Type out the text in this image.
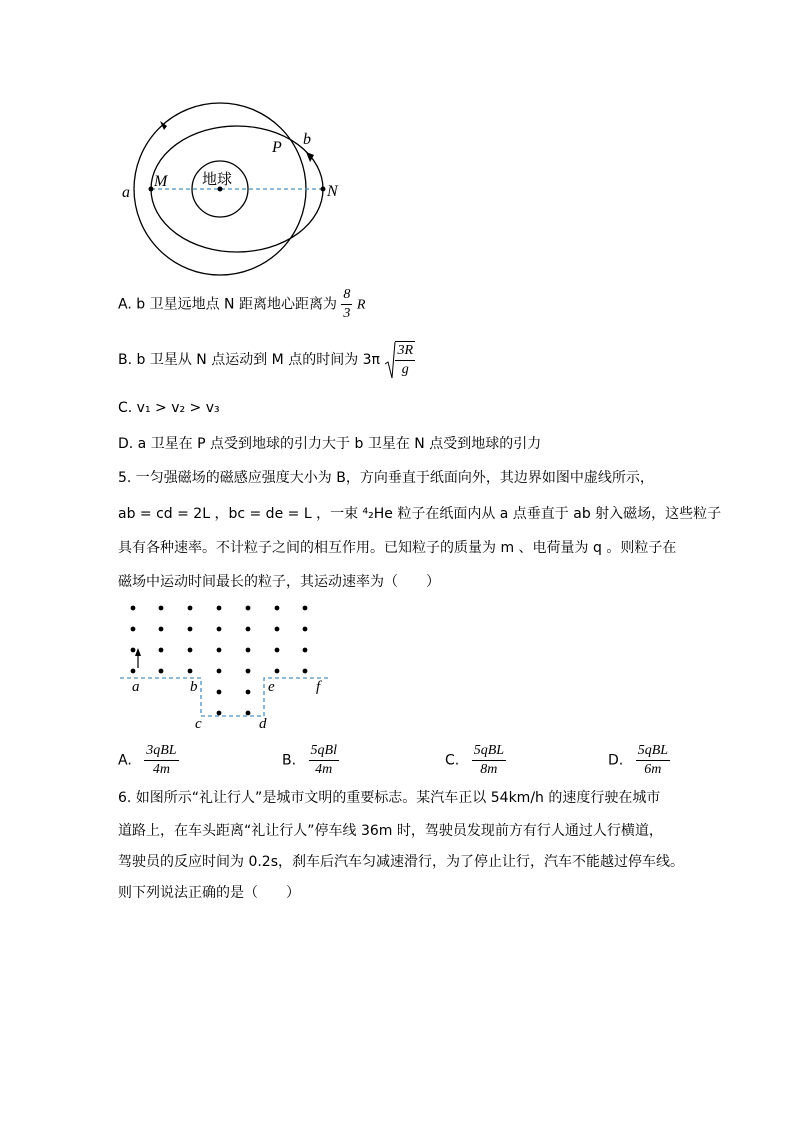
a
M
N
P b
地球
A. b 卫星远地点 N 距离地心距离为 $\frac{8}{3}$ R
B. b 卫星从 N 点运动到 M 点的时间为 $3\pi \frac{3R}{g}$
C. v₁ > v₂ > v₃
D. a 卫星在 P 点受到地球的引力大于 b 卫星在 N 点受到地球的引力
5. 一匀强磁场的磁感应强度大小为 B，方向垂直于纸面向外，其边界如图中虚线所示，
ab = cd = 2L ，bc = de = L ，一束 ⁴₂He 粒子在纸面内从 a 点垂直于 ab 射入磁场，这些粒子
具有各种速率。不计粒子之间的相互作用。已知粒子的质量为 m 、电荷量为 q 。则粒子在
磁场中运动时间最长的粒子，其运动速率为（　　）
a	b
c	d
e	f
A. $\frac{\text{3qBL}}{4m}$	B. $\frac{\text{5qBl}}{4m}$	C. $\frac{\text{5qBL}}{8m}$	D. $\frac{\text{5qBL}}{6m}$
6. 如图所示“礼让行人”是城市文明的重要标志。某汽车正以 54km/h 的速度行驶在城市
道路上，在车头距离“礼让行人”停车线 36m 时，驾驶员发现前方有行人通过人行横道，
驾驶员的反应时间为 0.2s，刹车后汽车匀减速滑行，为了停止让行，汽车不能越过停车线。
则下列说法正确的是（　　）
